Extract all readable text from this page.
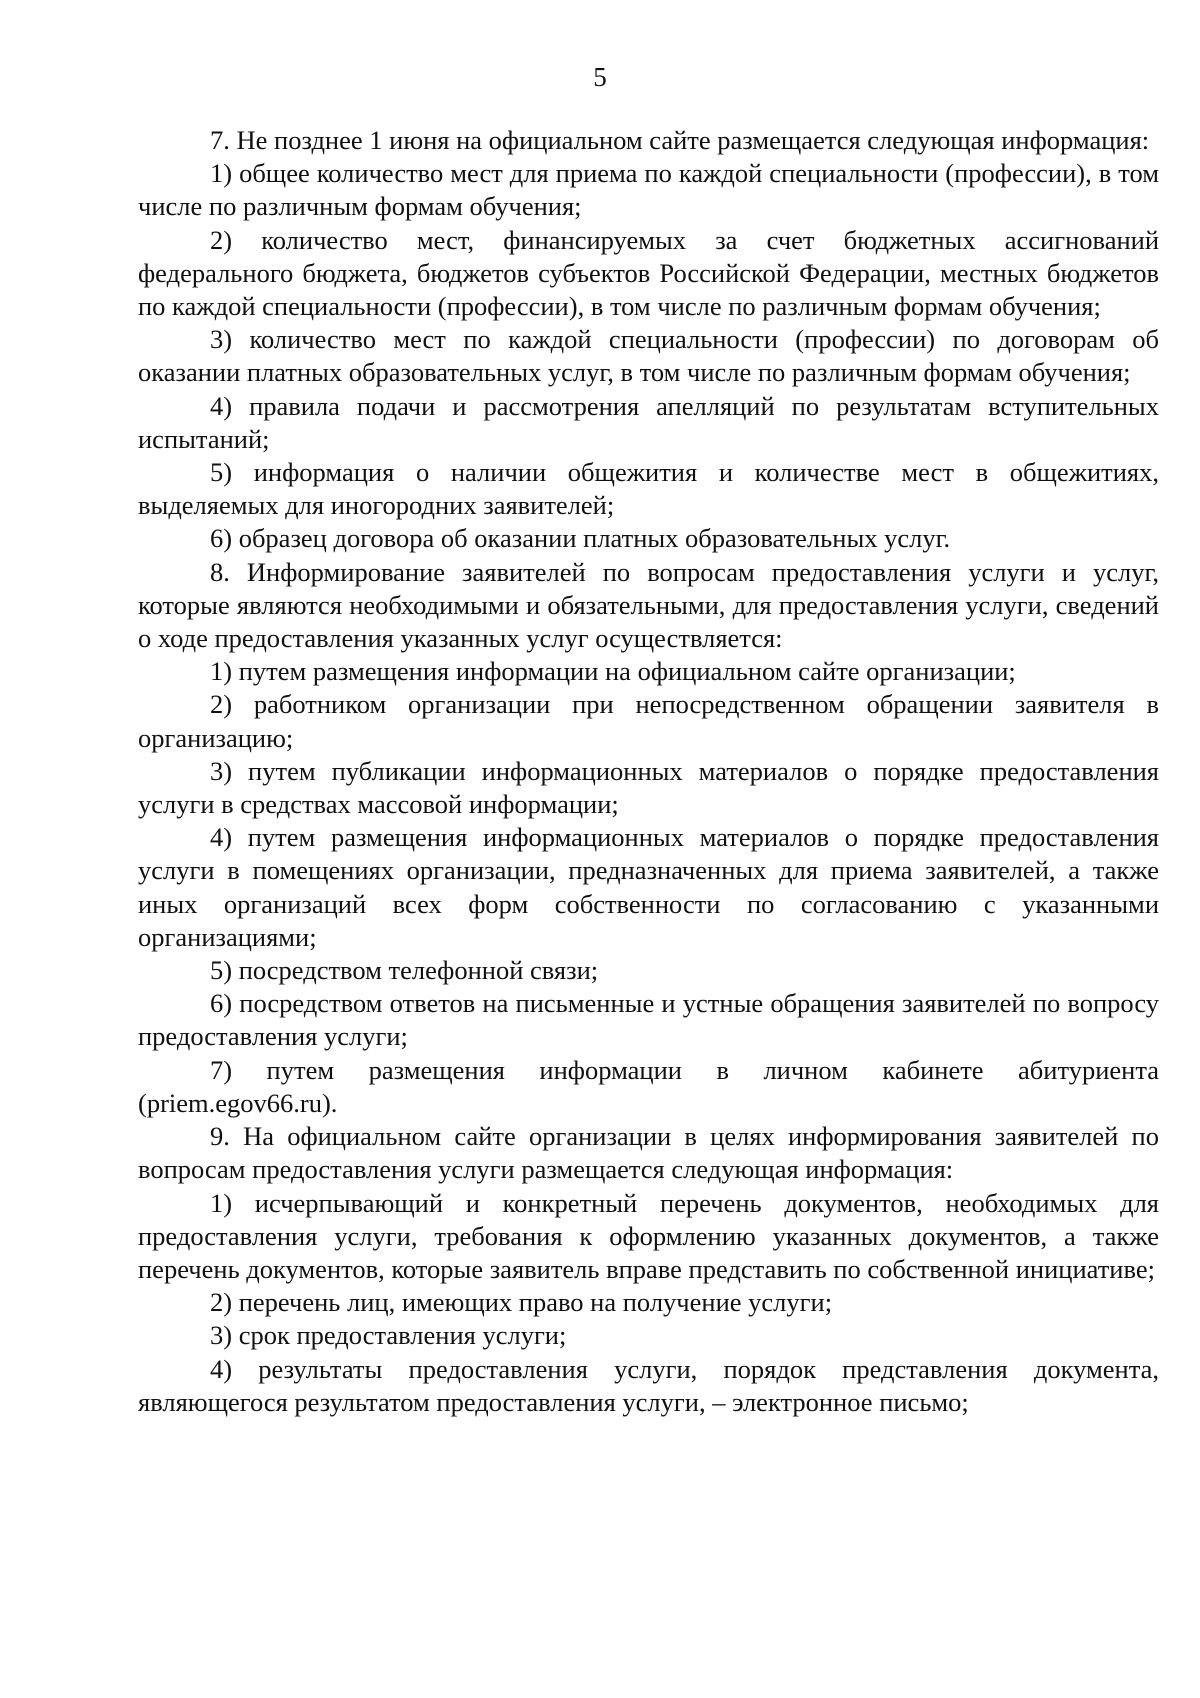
5

7. Не позднее 1 июня на официальном сайте размещается следующая информация:

1) общее количество мест для приема по каждой специальности (профессии), в том числе по различным формам обучения;

2) количество мест, финансируемых за счет бюджетных ассигнований федерального бюджета, бюджетов субъектов Российской Федерации, местных бюджетов по каждой специальности (профессии), в том числе по различным формам обучения;

3) количество мест по каждой специальности (профессии) по договорам об оказании платных образовательных услуг, в том числе по различным формам обучения;

4) правила подачи и рассмотрения апелляций по результатам вступительных испытаний;

5) информация о наличии общежития и количестве мест в общежитиях, выделяемых для иногородних заявителей;

6) образец договора об оказании платных образовательных услуг.

8. Информирование заявителей по вопросам предоставления услуги и услуг, которые являются необходимыми и обязательными, для предоставления услуги, сведений о ходе предоставления указанных услуг осуществляется:

1) путем размещения информации на официальном сайте организации;

2) работником организации при непосредственном обращении заявителя в организацию;

3) путем публикации информационных материалов о порядке предоставления услуги в средствах массовой информации;

4) путем размещения информационных материалов о порядке предоставления услуги в помещениях организации, предназначенных для приема заявителей, а также иных организаций всех форм собственности по согласованию с указанными организациями;

5) посредством телефонной связи;

6) посредством ответов на письменные и устные обращения заявителей по вопросу предоставления услуги;

7) путем размещения информации в личном кабинете абитуриента (priem.egov66.ru).

9. На официальном сайте организации в целях информирования заявителей по вопросам предоставления услуги размещается следующая информация:

1) исчерпывающий и конкретный перечень документов, необходимых для предоставления услуги, требования к оформлению указанных документов, а также перечень документов, которые заявитель вправе представить по собственной инициативе;

2) перечень лиц, имеющих право на получение услуги;

3) срок предоставления услуги;

4) результаты предоставления услуги, порядок представления документа, являющегося результатом предоставления услуги, – электронное письмо;
